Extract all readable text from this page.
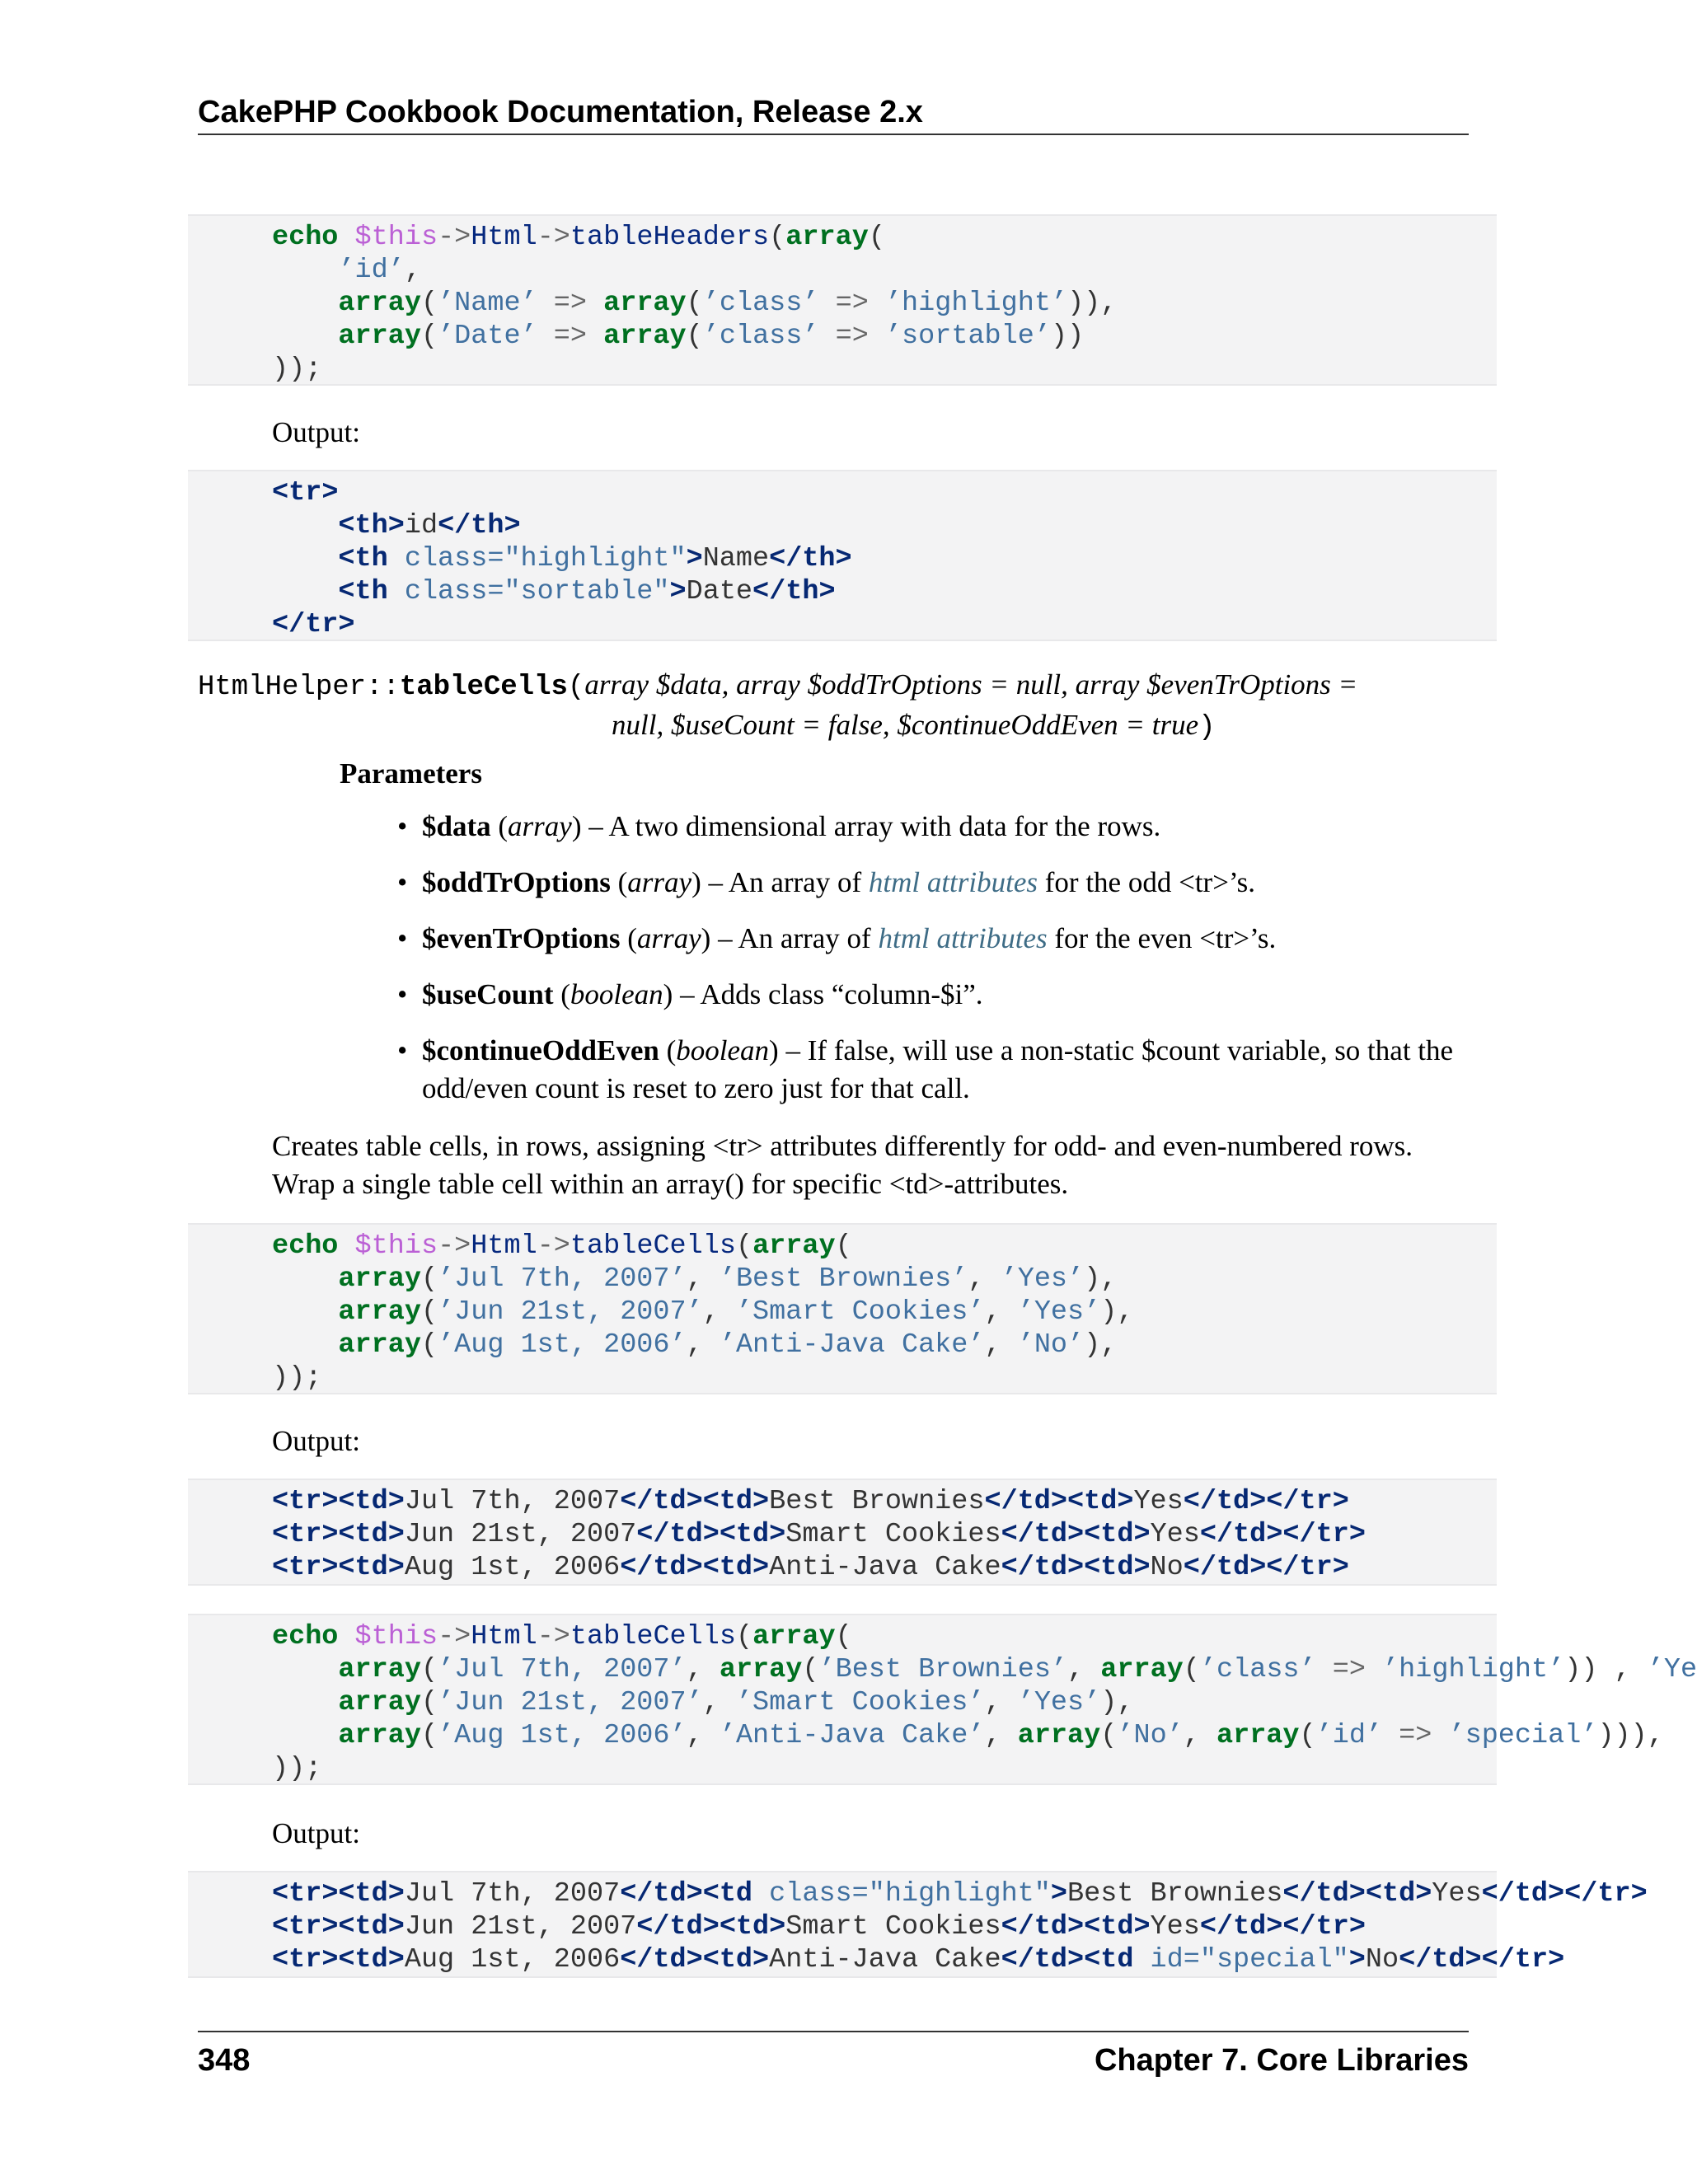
CakePHP Cookbook Documentation, Release 2.x
echo $this->Html->tableHeaders(array(
’id’,
array(’Name’ => array(’class’ => ’highlight’)),
array(’Date’ => array(’class’ => ’sortable’))
));
Output:
<tr>
<th>id</th>
<th class="highlight">Name</th>
<th class="sortable">Date</th>
</tr>
HtmlHelper::tableCells(array $data, array $oddTrOptions = null, array $evenTrOptions =
null, $useCount = false, $continueOddEven = true)
Parameters
• $data (array) – A two dimensional array with data for the rows.
• $oddTrOptions (array) – An array of html attributes for the odd <tr>’s.
• $evenTrOptions (array) – An array of html attributes for the even <tr>’s.
• $useCount (boolean) – Adds class “column-$i”.
• $continueOddEven (boolean) – If false, will use a non-static $count variable, so that the odd/even count is reset to zero just for that call.
Creates table cells, in rows, assigning <tr> attributes differently for odd- and even-numbered rows.
Wrap a single table cell within an array() for specific <td>-attributes.
echo $this->Html->tableCells(array(
array(’Jul 7th, 2007’, ’Best Brownies’, ’Yes’),
array(’Jun 21st, 2007’, ’Smart Cookies’, ’Yes’),
array(’Aug 1st, 2006’, ’Anti-Java Cake’, ’No’),
));
Output:
<tr><td>Jul 7th, 2007</td><td>Best Brownies</td><td>Yes</td></tr>
<tr><td>Jun 21st, 2007</td><td>Smart Cookies</td><td>Yes</td></tr>
<tr><td>Aug 1st, 2006</td><td>Anti-Java Cake</td><td>No</td></tr>
echo $this->Html->tableCells(array(
array(’Jul 7th, 2007’, array(’Best Brownies’, array(’class’ => ’highlight’)) , ’Ye
array(’Jun 21st, 2007’, ’Smart Cookies’, ’Yes’),
array(’Aug 1st, 2006’, ’Anti-Java Cake’, array(’No’, array(’id’ => ’special’))),
));
Output:
<tr><td>Jul 7th, 2007</td><td class="highlight">Best Brownies</td><td>Yes</td></tr>
<tr><td>Jun 21st, 2007</td><td>Smart Cookies</td><td>Yes</td></tr>
<tr><td>Aug 1st, 2006</td><td>Anti-Java Cake</td><td id="special">No</td></tr>
348	Chapter 7. Core Libraries
